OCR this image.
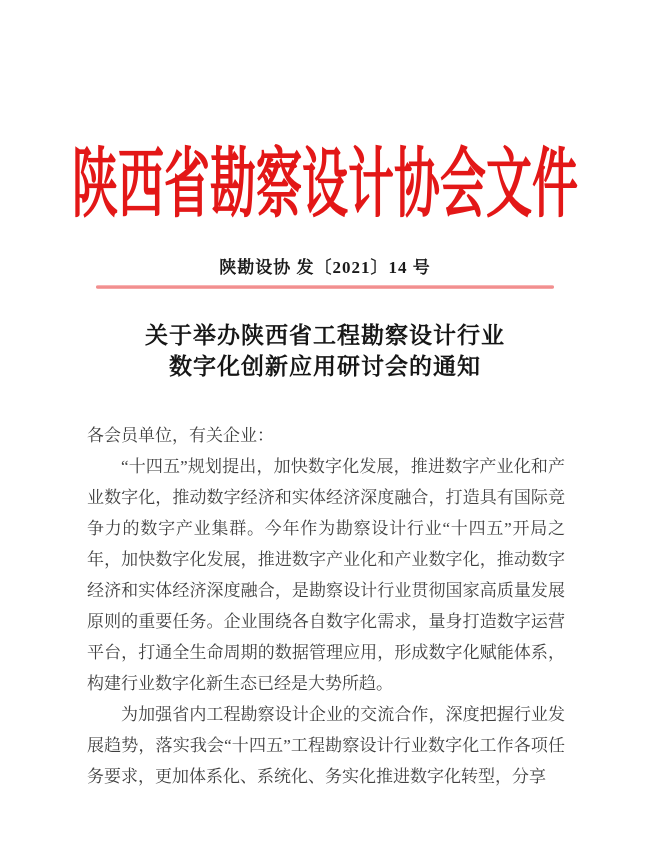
陕西省勘察设计协会文件
陕勘设协 发〔2021〕14 号
关于举办陕西省工程勘察设计行业
数字化创新应用研讨会的通知

各会员单位，有关企业：

“十四五”规划提出，加快数字化发展，推进数字产业化和产业数字化，推动数字经济和实体经济深度融合，打造具有国际竞争力的数字产业集群。今年作为勘察设计行业“十四五”开局之年，加快数字化发展，推进数字产业化和产业数字化，推动数字经济和实体经济深度融合，是勘察设计行业贯彻国家高质量发展原则的重要任务。企业围绕各自数字化需求，量身打造数字运营平台，打通全生命周期的数据管理应用，形成数字化赋能体系，构建行业数字化新生态已经是大势所趋。

为加强省内工程勘察设计企业的交流合作，深度把握行业发展趋势，落实我会“十四五”工程勘察设计行业数字化工作各项任务要求，更加体系化、系统化、务实化推进数字化转型，分享
